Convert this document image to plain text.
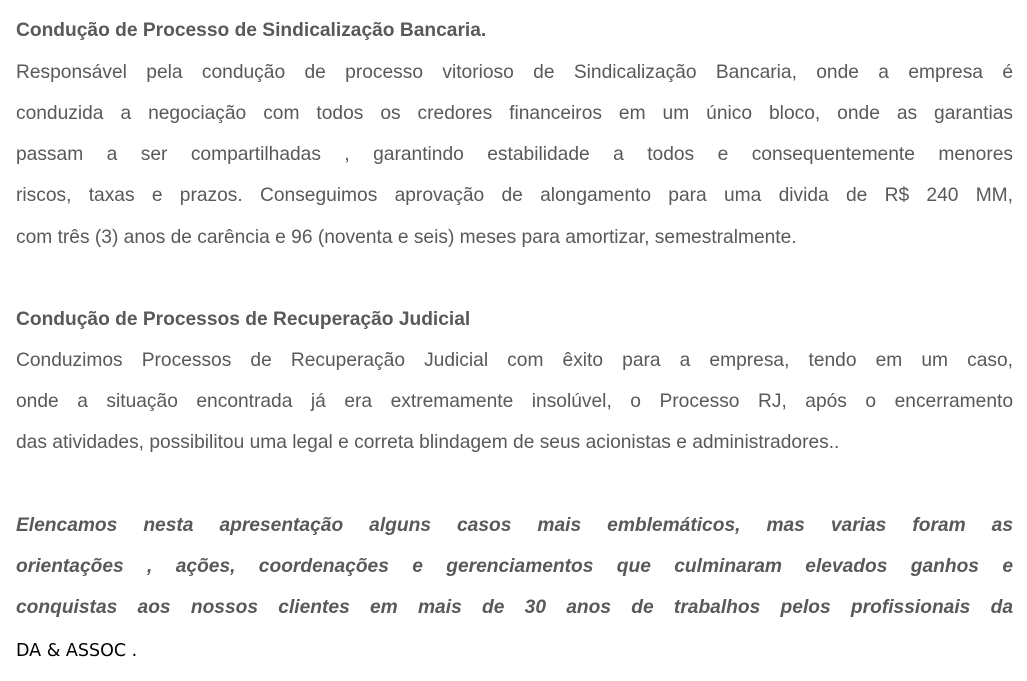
Condução de Processo de Sindicalização Bancaria.
Responsável pela condução de processo vitorioso de Sindicalização Bancaria, onde a empresa é
conduzida a negociação com todos os credores financeiros em um único bloco, onde as garantias
passam a ser compartilhadas , garantindo estabilidade a todos e consequentemente menores
riscos, taxas e prazos. Conseguimos aprovação de alongamento para uma divida de R$ 240 MM,
com três (3) anos de carência e 96 (noventa e seis) meses para amortizar, semestralmente.
Condução de Processos de Recuperação Judicial
Conduzimos Processos de Recuperação Judicial com êxito para a empresa, tendo em um caso,
onde a situação encontrada já era extremamente insolúvel, o Processo RJ, após o encerramento
das atividades, possibilitou uma legal e correta blindagem de seus acionistas e administradores..
Elencamos nesta apresentação alguns casos mais emblemáticos, mas varias foram as
orientações , ações, coordenações e gerenciamentos que culminaram elevados ganhos e
conquistas aos nossos clientes em mais de 30 anos de trabalhos pelos profissionais da
DA & ASSOC .
